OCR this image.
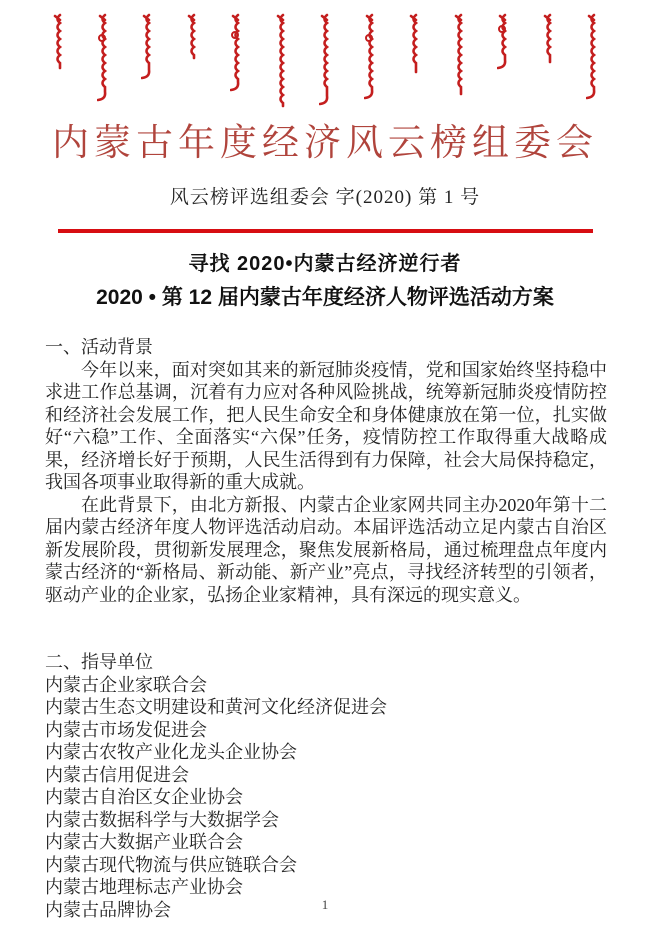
内蒙古年度经济风云榜组委会
风云榜评选组委会 字(2020) 第 1 号
寻找 2020•内蒙古经济逆行者
2020 • 第 12 届内蒙古年度经济人物评选活动方案

一、活动背景

今年以来，面对突如其来的新冠肺炎疫情，党和国家始终坚持稳中求进工作总基调，沉着有力应对各种风险挑战，统筹新冠肺炎疫情防控和经济社会发展工作，把人民生命安全和身体健康放在第一位，扎实做好“六稳”工作、全面落实“六保”任务，疫情防控工作取得重大战略成果，经济增长好于预期，人民生活得到有力保障，社会大局保持稳定，我国各项事业取得新的重大成就。

在此背景下，由北方新报、内蒙古企业家网共同主办2020年第十二届内蒙古经济年度人物评选活动启动。本届评选活动立足内蒙古自治区新发展阶段，贯彻新发展理念，聚焦发展新格局，通过梳理盘点年度内蒙古经济的“新格局、新动能、新产业”亮点，寻找经济转型的引领者，驱动产业的企业家，弘扬企业家精神，具有深远的现实意义。

二、指导单位

内蒙古企业家联合会
内蒙古生态文明建设和黄河文化经济促进会
内蒙古市场发促进会
内蒙古农牧产业化龙头企业协会
内蒙古信用促进会
内蒙古自治区女企业协会
内蒙古数据科学与大数据学会
内蒙古大数据产业联合会
内蒙古现代物流与供应链联合会
内蒙古地理标志产业协会
内蒙古品牌协会	1
